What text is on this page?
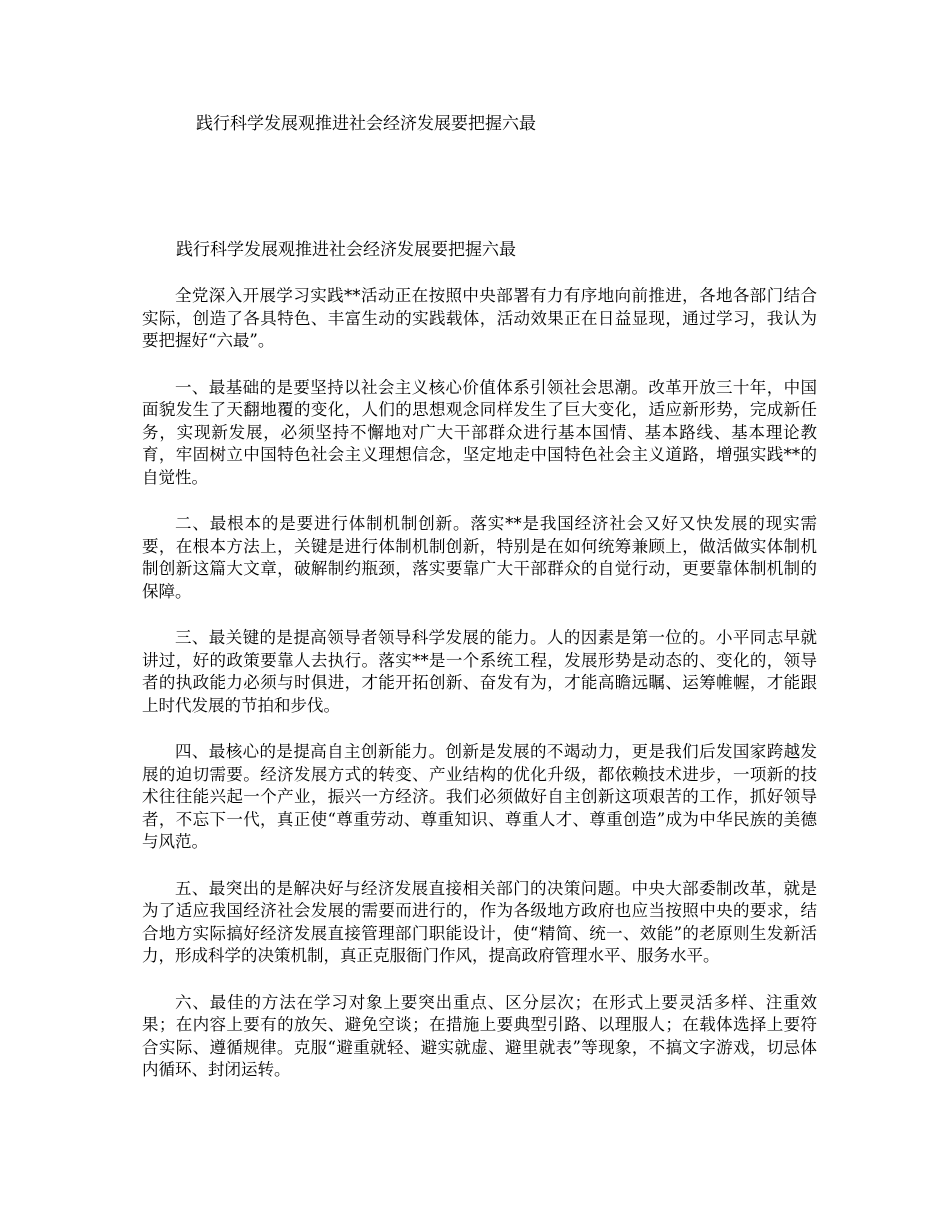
践行科学发展观推进社会经济发展要把握六最
践行科学发展观推进社会经济发展要把握六最

全党深入开展学习实践**活动正在按照中央部署有力有序地向前推进，各地各部门结合实际，创造了各具特色、丰富生动的实践载体，活动效果正在日益显现，通过学习，我认为要把握好“六最”。

一、最基础的是要坚持以社会主义核心价值体系引领社会思潮。改革开放三十年，中国面貌发生了天翻地覆的变化，人们的思想观念同样发生了巨大变化，适应新形势，完成新任务，实现新发展，必须坚持不懈地对广大干部群众进行基本国情、基本路线、基本理论教育，牢固树立中国特色社会主义理想信念，坚定地走中国特色社会主义道路，增强实践**的自觉性。

二、最根本的是要进行体制机制创新。落实**是我国经济社会又好又快发展的现实需要，在根本方法上，关键是进行体制机制创新，特别是在如何统筹兼顾上，做活做实体制机制创新这篇大文章，破解制约瓶颈，落实要靠广大干部群众的自觉行动，更要靠体制机制的保障。

三、最关键的是提高领导者领导科学发展的能力。人的因素是第一位的。小平同志早就讲过，好的政策要靠人去执行。落实**是一个系统工程，发展形势是动态的、变化的，领导者的执政能力必须与时俱进，才能开拓创新、奋发有为，才能高瞻远瞩、运筹帷幄，才能跟上时代发展的节拍和步伐。

四、最核心的是提高自主创新能力。创新是发展的不竭动力，更是我们后发国家跨越发展的迫切需要。经济发展方式的转变、产业结构的优化升级，都依赖技术进步，一项新的技术往往能兴起一个产业，振兴一方经济。我们必须做好自主创新这项艰苦的工作，抓好领导者，不忘下一代，真正使“尊重劳动、尊重知识、尊重人才、尊重创造”成为中华民族的美德与风范。

五、最突出的是解决好与经济发展直接相关部门的决策问题。中央大部委制改革，就是为了适应我国经济社会发展的需要而进行的，作为各级地方政府也应当按照中央的要求，结合地方实际搞好经济发展直接管理部门职能设计，使“精简、统一、效能”的老原则生发新活力，形成科学的决策机制，真正克服衙门作风，提高政府管理水平、服务水平。

六、最佳的方法在学习对象上要突出重点、区分层次；在形式上要灵活多样、注重效果；在内容上要有的放矢、避免空谈；在措施上要典型引路、以理服人；在载体选择上要符合实际、遵循规律。克服“避重就轻、避实就虚、避里就表”等现象，不搞文字游戏，切忌体内循环、封闭运转。
